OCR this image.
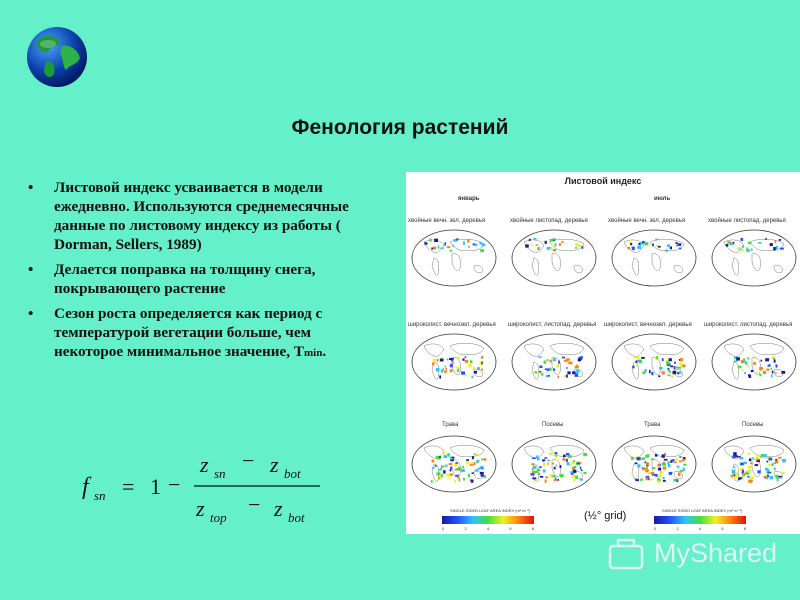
Фенология растений
• Листовой индекс усваивается в модели ежедневно. Используются среднемесячные данные по листовому индексу из работы ( Dorman, Sellers, 1989)
• Делается поправка на толщину снега, покрывающего растение
• Сезон роста определяется как период с температурой вегетации больше, чем некоторое минимальное значение, Tmin.
f sn = 1 −
z sn
− z bot
z top
− z bot
Листовой индекс
январь	июль
хвойные вечн. зел. деревья	хвойные листопад. деревья	хвойные вечн. зел. деревья	хвойные листопад. деревья
широколист. вечнозел. деревья широколист. листопад. деревья широколист. вечнозел. деревья широколист. листопад. деревья
Трава	Посевы	Трава	Посевы
SINGLE SIDED LEAF AREA INDEX (m² m⁻²)
0	2	4	6	8
(½° grid)	SINGLE SIDED LEAF AREA INDEX (m² m⁻²)
0	2	4	6	8
MyShared
